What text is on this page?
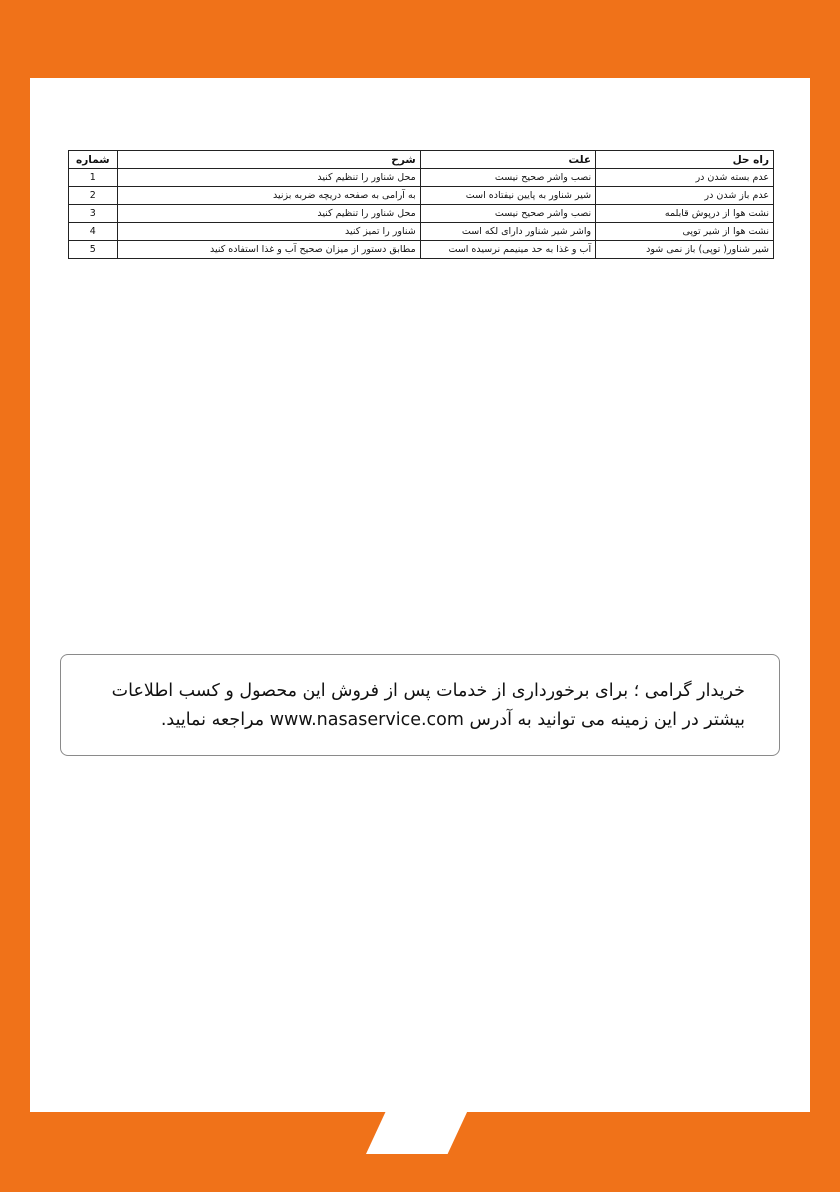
راه حل	علت	شرح	شماره
عدم بسته شدن در	نصب واشر صحیح نیست	محل شناور را تنظیم کنید	1
عدم باز شدن در	شیر شناور به پایین نیفتاده است	به آرامی به صفحه دریچه ضربه بزنید	2
نشت هوا از درپوش قابلمه	نصب واشر صحیح نیست	محل شناور را تنظیم کنید	3
نشت هوا از شیر توپی	واشر شیر شناور دارای لکه است	شناور را تمیز کنید	4
شیر شناور( توپی) باز نمی شود	آب و غذا به حد مینیمم نرسیده است	مطابق دستور از میزان صحیح آب و غذا استفاده کنید	5
خریدار گرامی ؛ برای برخورداری از خدمات پس از فروش این محصول و کسب اطلاعات
بیشتر در این زمینه می توانید به آدرس www.nasaservice.com مراجعه نمایید.
